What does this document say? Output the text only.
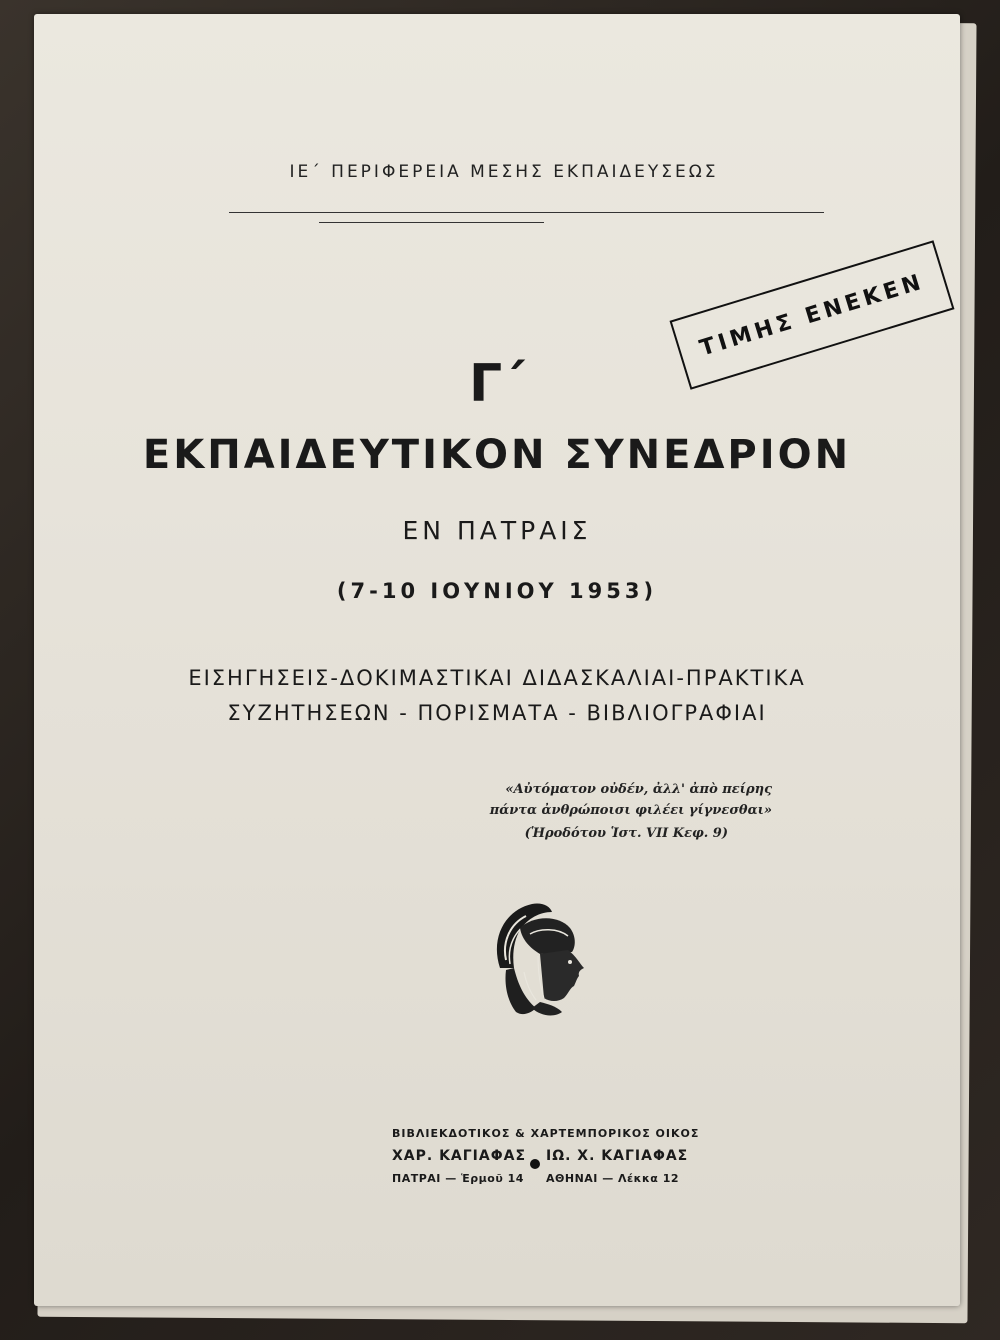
ΙΕ΄ ΠΕΡΙΦΕΡΕΙΑ ΜΕΣΗΣ ΕΚΠΑΙΔΕΥΣΕΩΣ
ΤΙΜΗΣ ΕΝΕΚΕΝ
Γ΄
ΕΚΠΑΙΔΕΥΤΙΚΟΝ ΣΥΝΕΔΡΙΟΝ
ΕΝ ΠΑΤΡΑΙΣ
(7-10 ΙΟΥΝΙΟΥ 1953)
ΕΙΣΗΓΗΣΕΙΣ-ΔΟΚΙΜΑΣΤΙΚΑΙ ΔΙΔΑΣΚΑΛΙΑΙ-ΠΡΑΚΤΙΚΑ
ΣΥΖΗΤΗΣΕΩΝ - ΠΟΡΙΣΜΑΤΑ - ΒΙΒΛΙΟΓΡΑΦΙΑΙ
«Αὐτόματον οὐδέν, ἀλλ' ἀπὸ πείρης
πάντα ἀνθρώποισι φιλέει γίγνεσθαι»
(Ἡροδότου Ἱστ. VII Κεφ. 9)
ΒΙΒΛΙΕΚΔΟΤΙΚΟΣ & ΧΑΡΤΕΜΠΟΡΙΚΟΣ ΟΙΚΟΣ
ΧΑΡ. ΚΑΓΙΑΦΑΣ ΙΩ. Χ. ΚΑΓΙΑΦΑΣ
ΠΑΤΡΑΙ — Ἑρμοῦ 14 ΑΘΗΝΑΙ — Λέκκα 12
